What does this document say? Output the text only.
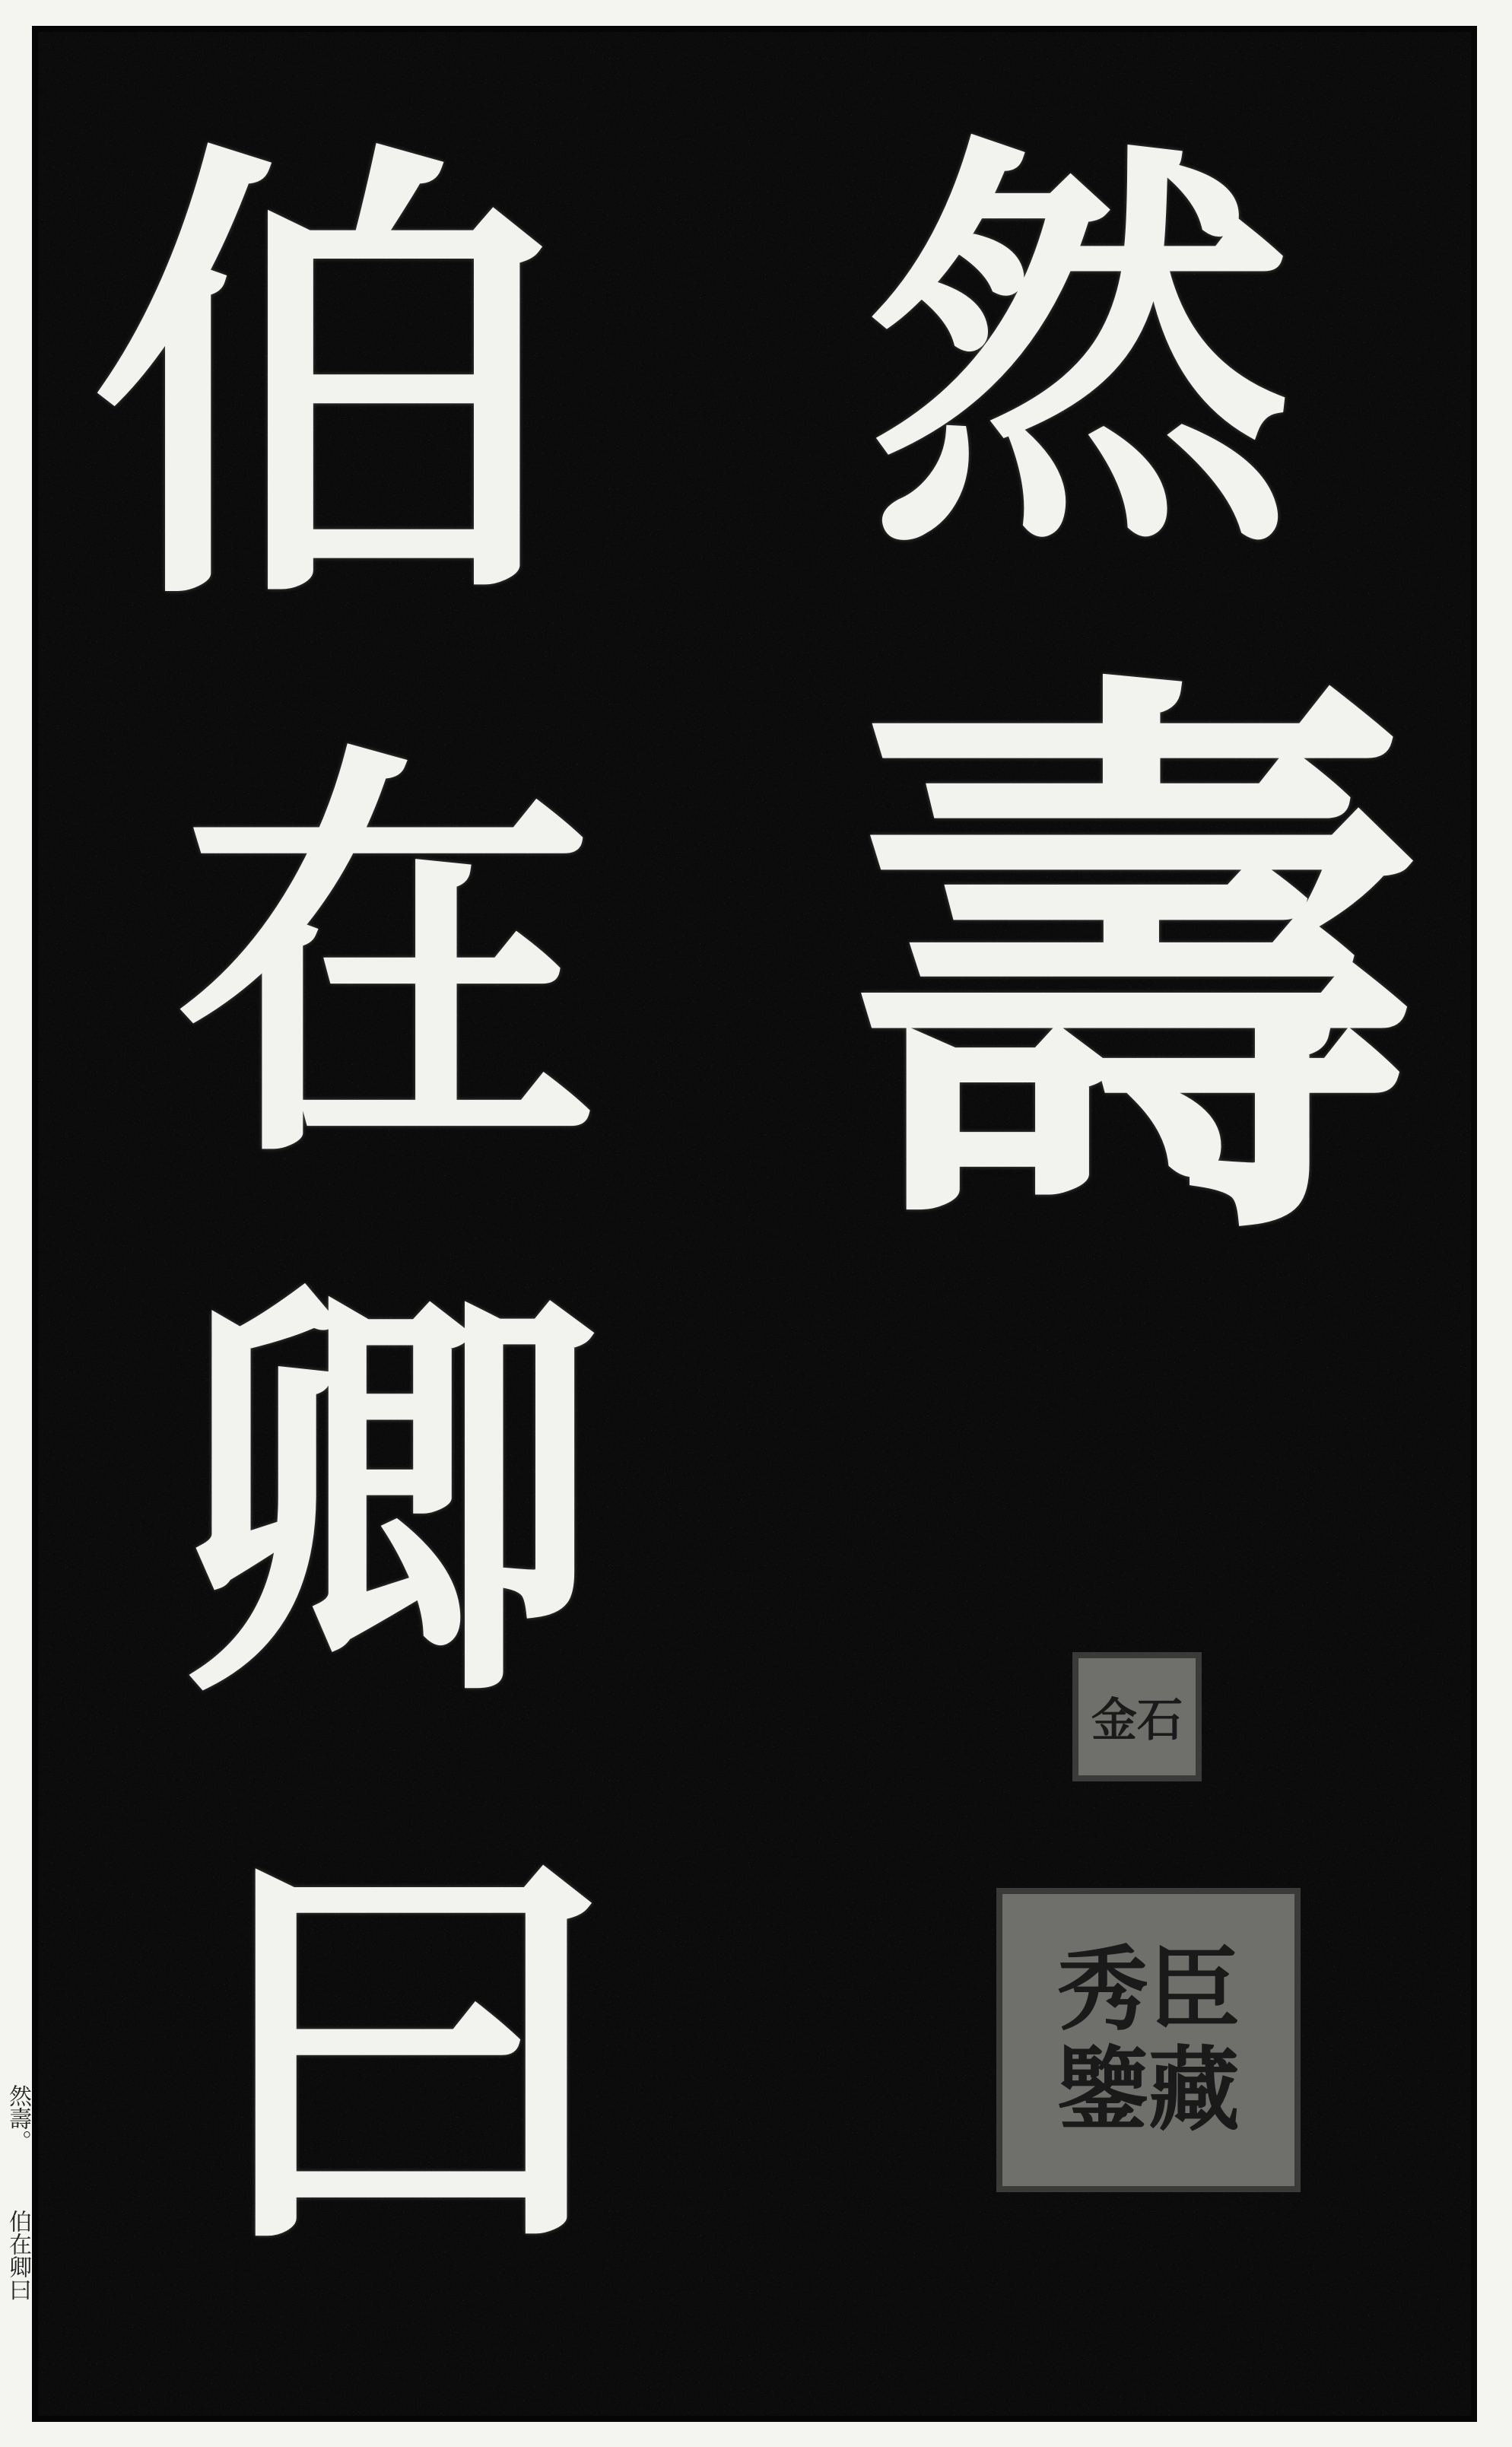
然
壽
伯
在
卿
曰
金石
秀臣鑒藏
然壽。
伯在卿曰
